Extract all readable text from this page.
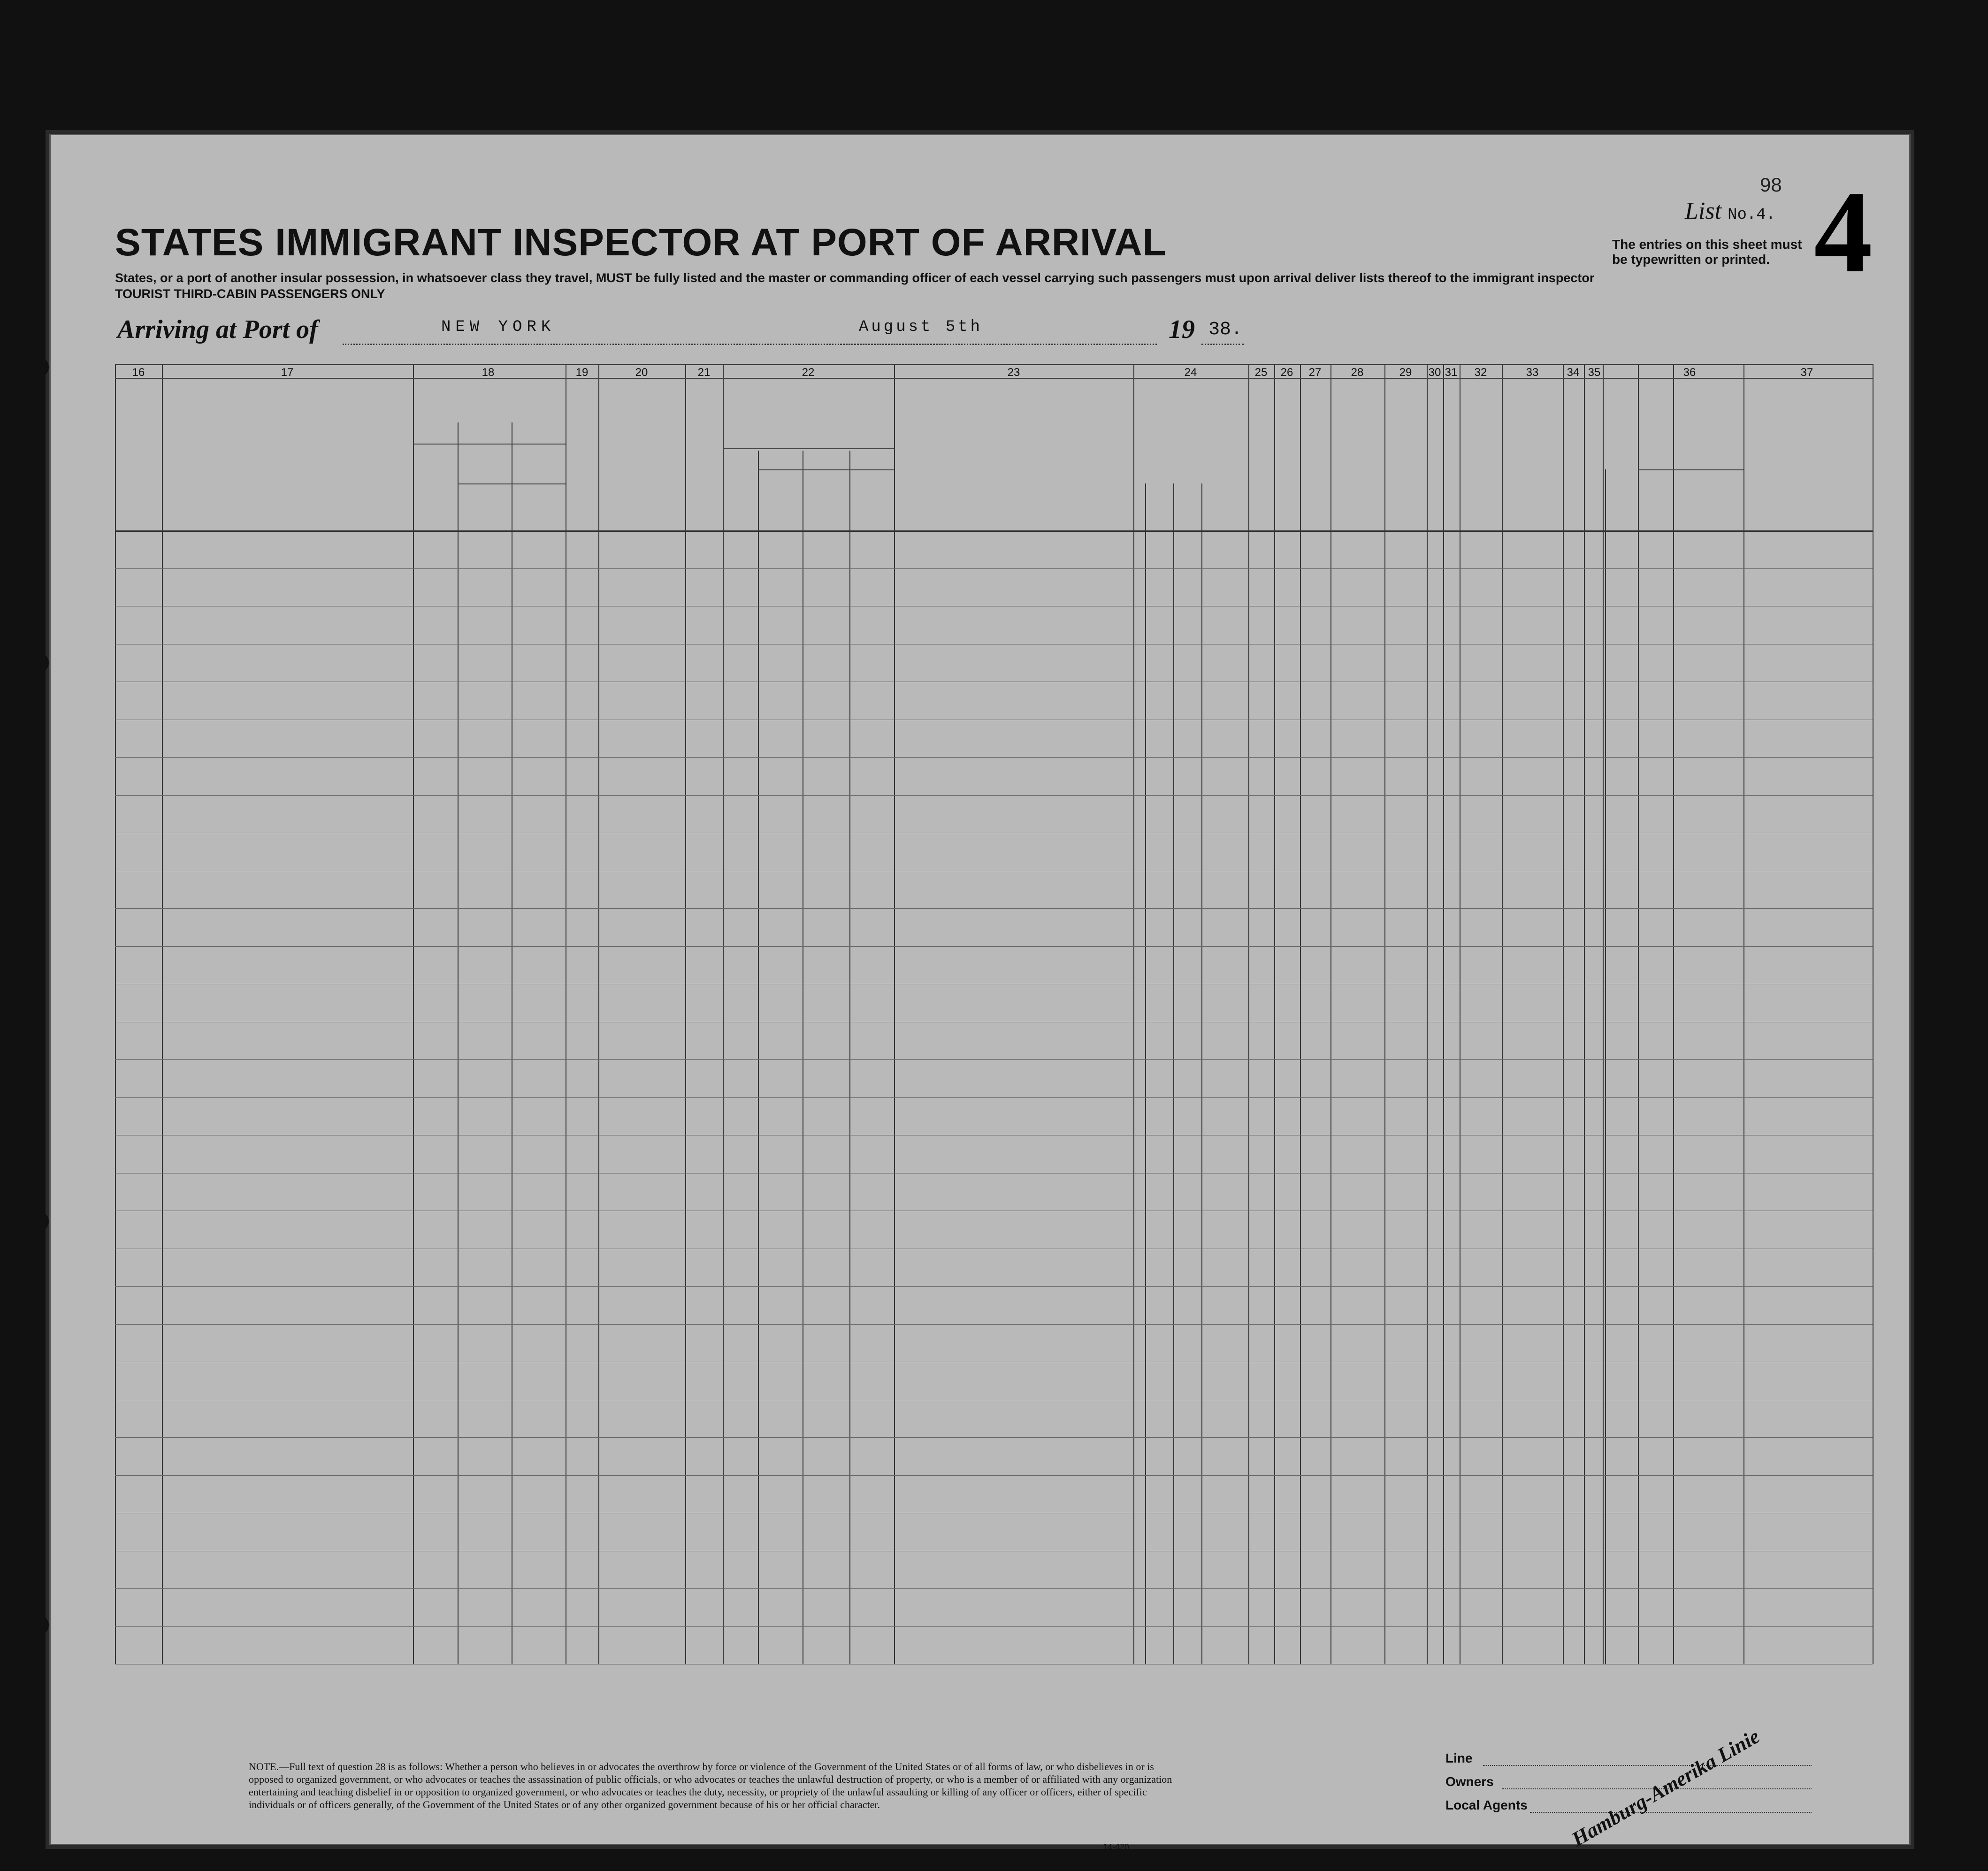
STATES IMMIGRANT INSPECTOR AT PORT OF ARRIVAL
States, or a port of another insular possession, in whatsoever class they travel, MUST be fully listed and the master or commanding officer of each vessel carrying such passengers must upon arrival deliver lists thereof to the immigrant inspector
TOURIST THIRD-CABIN PASSENGERS ONLY
List No.4. 4
The entries on this sheet must be typewritten or printed.
Arriving at Port of	NEW YORK	August 5th	19 38.
98
16	17	18	19	20	21	22	23	24	25	26	27	28	29	30 31	32	33	34 35	36	37
NOTE.—Full text of question 28 is as follows: Whether a person who believes in or advocates the overthrow by force or violence of the Government of the United States or of all forms of law, or who disbelieves in or is opposed to organized government, or who advocates or teaches the assassination of public officials, or who advocates or teaches the unlawful destruction of property, or who is a member of or affiliated with any organization entertaining and teaching disbelief in or opposition to organized government, or who advocates or teaches the duty, necessity, or propriety of the unlawful assaulting or killing of any officer or officers, either of specific individuals or of officers generally, of the Government of the United States or of any other organized government because of his or her official character.
Line
Owners
Local Agents Hamburg-Amerika Linie
14-420
